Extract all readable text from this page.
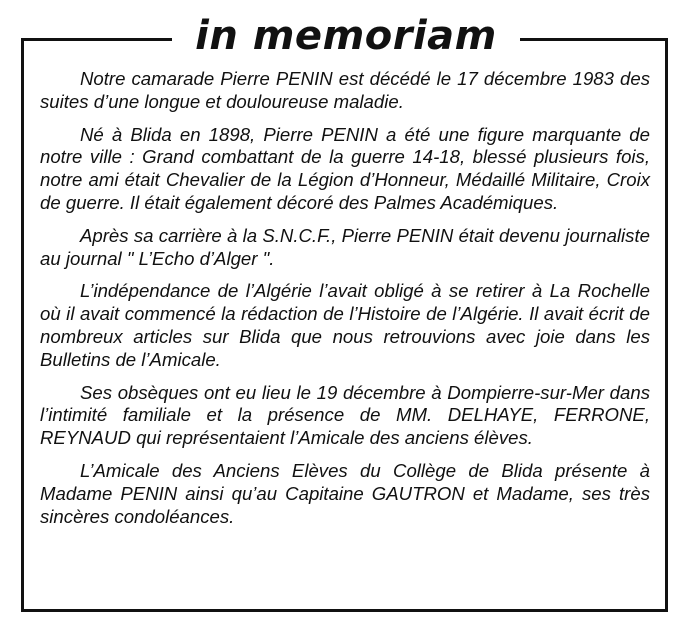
in memoriam

Notre camarade Pierre PENIN est décédé le 17 décembre 1983 des suites d’une longue et douloureuse maladie.

Né à Blida en 1898, Pierre PENIN a été une figure marquante de notre ville : Grand combattant de la guerre 14-18, blessé plusieurs fois, notre ami était Chevalier de la Légion d’Honneur, Médaillé Militaire, Croix de guerre. Il était également décoré des Palmes Académiques.

Après sa carrière à la S.N.C.F., Pierre PENIN était devenu journaliste au journal " L’Echo d’Alger ".

L’indépendance de l’Algérie l’avait obligé à se retirer à La Rochelle où il avait commencé la rédaction de l’Histoire de l’Algérie. Il avait écrit de nombreux articles sur Blida que nous retrouvions avec joie dans les Bulletins de l’Amicale.

Ses obsèques ont eu lieu le 19 décembre à Dompierre-sur-Mer dans l’intimité familiale et la présence de MM. DELHAYE, FERRONE, REYNAUD qui représentaient l’Amicale des anciens élèves.

L’Amicale des Anciens Elèves du Collège de Blida présente à Madame PENIN ainsi qu’au Capitaine GAUTRON et Madame, ses très sincères condoléances.
